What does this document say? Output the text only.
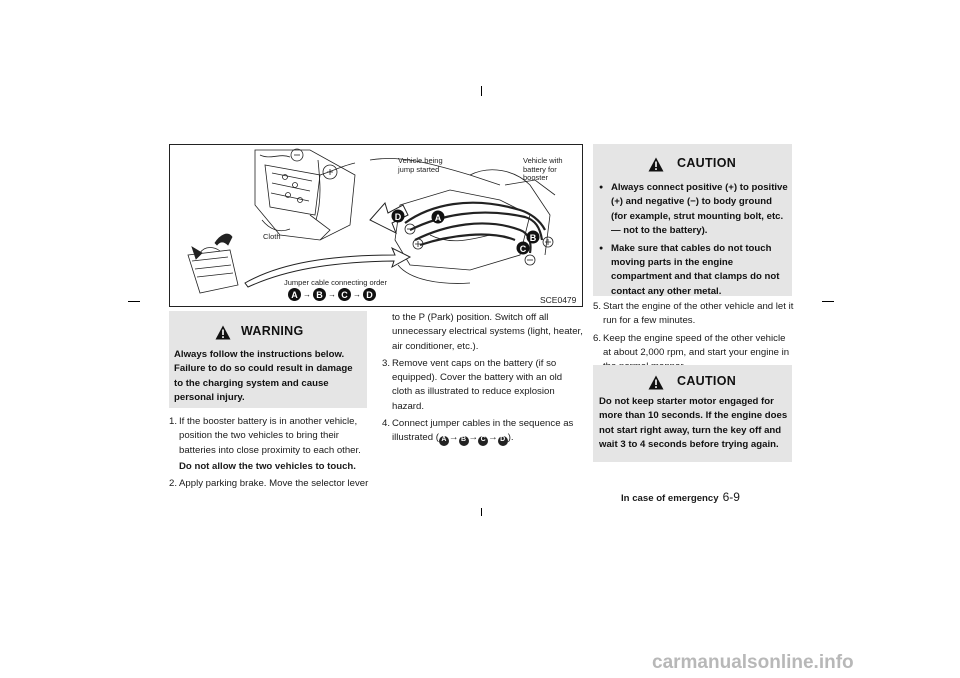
D	A
B
C
Cloth
Vehicle being
jump started
Vehicle with
battery for
booster
Jumper cable connecting order
A → B → C → D
SCE0479
WARNING
Always follow the instructions below. Failure to do so could result in damage to the charging system and cause personal injury.

1. If the booster battery is in another vehicle, position the two vehicles to bring their batteries into close proximity to each other.

Do not allow the two vehicles to touch.

2. Apply parking brake. Move the selector lever

to the P (Park) position. Switch off all unnecessary electrical systems (light, heater, air conditioner, etc.).

3. Remove vent caps on the battery (if so equipped). Cover the battery with an old cloth as illustrated to reduce explosion hazard.

4. Connect jumper cables in the sequence as illustrated ( A → B → C → D ).

CAUTION
● Always connect positive (+) to positive (+) and negative (−) to body ground (for example, strut mounting bolt, etc. — not to the battery).
● Make sure that cables do not touch moving parts in the engine compartment and that clamps do not contact any other metal.

5. Start the engine of the other vehicle and let it run for a few minutes.

6. Keep the engine speed of the other vehicle at about 2,000 rpm, and start your engine in

CAUTION
Do not keep starter motor engaged for more than 10 seconds. If the engine does not start right away, turn the key off and wait 3 to 4 seconds before trying again.
In case of emergency 6-9
carmanualsonline.info
